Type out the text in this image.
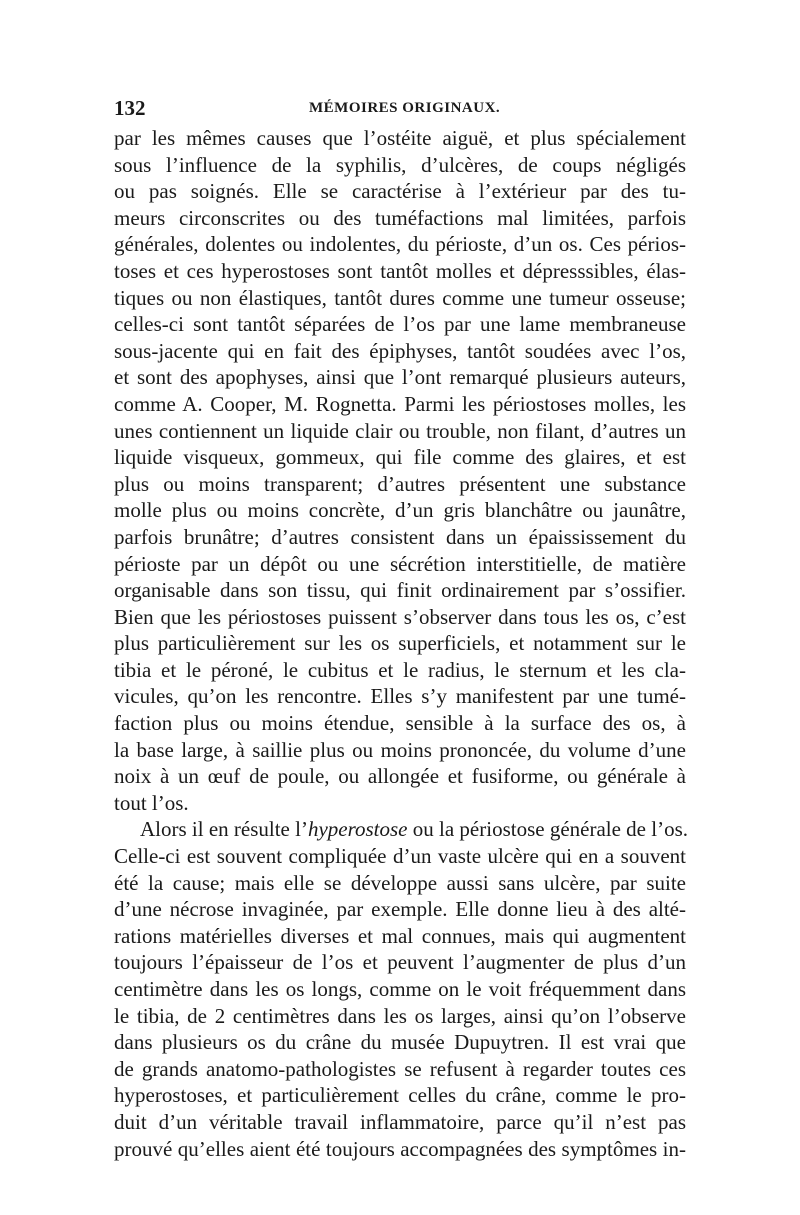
132	MÉMOIRES ORIGINAUX.
par les mêmes causes que l’ostéite aiguë, et plus spécialement
sous l’influence de la syphilis, d’ulcères, de coups négligés
ou pas soignés. Elle se caractérise à l’extérieur par des tu-
meurs circonscrites ou des tuméfactions mal limitées, parfois
générales, dolentes ou indolentes, du périoste, d’un os. Ces périos-
toses et ces hyperostoses sont tantôt molles et dépresssibles, élas-
tiques ou non élastiques, tantôt dures comme une tumeur osseuse;
celles-ci sont tantôt séparées de l’os par une lame membraneuse
sous-jacente qui en fait des épiphyses, tantôt soudées avec l’os,
et sont des apophyses, ainsi que l’ont remarqué plusieurs auteurs,
comme A. Cooper, M. Rognetta. Parmi les périostoses molles, les
unes contiennent un liquide clair ou trouble, non filant, d’autres un
liquide visqueux, gommeux, qui file comme des glaires, et est
plus ou moins transparent; d’autres présentent une substance
molle plus ou moins concrète, d’un gris blanchâtre ou jaunâtre,
parfois brunâtre; d’autres consistent dans un épaississement du
périoste par un dépôt ou une sécrétion interstitielle, de matière
organisable dans son tissu, qui finit ordinairement par s’ossifier.
Bien que les périostoses puissent s’observer dans tous les os, c’est
plus particulièrement sur les os superficiels, et notamment sur le
tibia et le péroné, le cubitus et le radius, le sternum et les cla-
vicules, qu’on les rencontre. Elles s’y manifestent par une tumé-
faction plus ou moins étendue, sensible à la surface des os, à
la base large, à saillie plus ou moins prononcée, du volume d’une
noix à un œuf de poule, ou allongée et fusiforme, ou générale à
tout l’os.
Alors il en résulte l’hyperostose ou la périostose générale de l’os.
Celle-ci est souvent compliquée d’un vaste ulcère qui en a souvent
été la cause; mais elle se développe aussi sans ulcère, par suite
d’une nécrose invaginée, par exemple. Elle donne lieu à des alté-
rations matérielles diverses et mal connues, mais qui augmentent
toujours l’épaisseur de l’os et peuvent l’augmenter de plus d’un
centimètre dans les os longs, comme on le voit fréquemment dans
le tibia, de 2 centimètres dans les os larges, ainsi qu’on l’observe
dans plusieurs os du crâne du musée Dupuytren. Il est vrai que
de grands anatomo-pathologistes se refusent à regarder toutes ces
hyperostoses, et particulièrement celles du crâne, comme le pro-
duit d’un véritable travail inflammatoire, parce qu’il n’est pas
prouvé qu’elles aient été toujours accompagnées des symptômes in-
